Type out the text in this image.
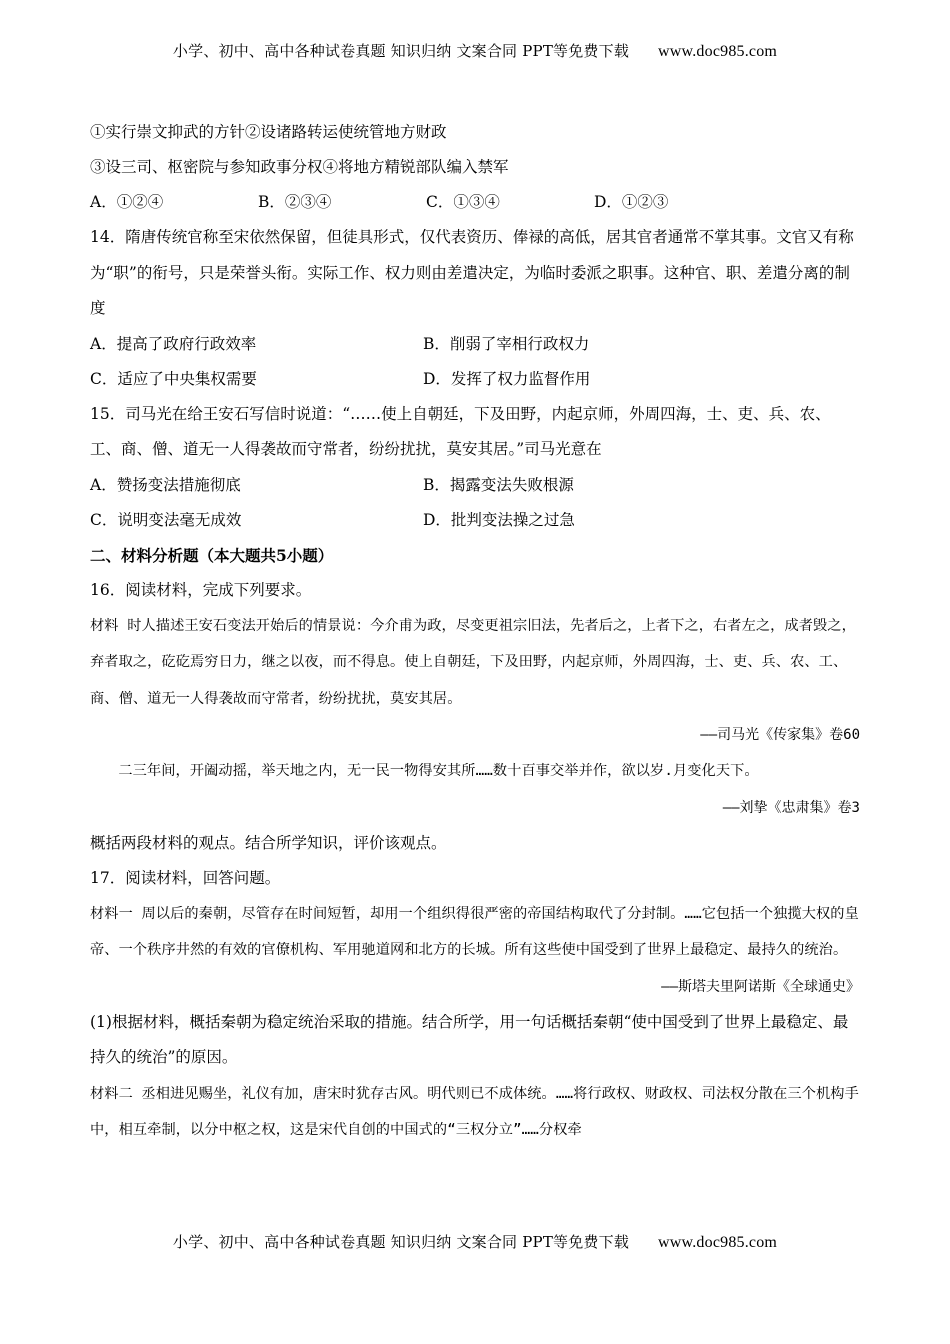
小学、初中、高中各种试卷真题 知识归纳 文案合同 PPT等免费下载 www.doc985.com
①实行崇文抑武的方针②设诸路转运使统管地方财政
③设三司、枢密院与参知政事分权④将地方精锐部队编入禁军
A．①②④	B．②③④	C．①③④	D．①②③
14．隋唐传统官称至宋依然保留，但徒具形式，仅代表资历、俸禄的高低，居其官者通常不掌其事。文官又有称为“职”的衔号，只是荣誉头衔。实际工作、权力则由差遣决定，为临时委派之职事。这种官、职、差遣分离的制度
A．提高了政府行政效率	B．削弱了宰相行政权力
C．适应了中央集权需要	D．发挥了权力监督作用
15．司马光在给王安石写信时说道：“……使上自朝廷，下及田野，内起京师，外周四海，士、吏、兵、农、工、商、僧、道无一人得袭故而守常者，纷纷扰扰，莫安其居。”司马光意在
A．赞扬变法措施彻底	B．揭露变法失败根源
C．说明变法毫无成效	D．批判变法操之过急
二、材料分析题（本大题共5小题）
16．阅读材料，完成下列要求。
材料 时人描述王安石变法开始后的情景说：今介甫为政，尽变更祖宗旧法，先者后之，上者下之，右者左之，成者毁之，弃者取之，矻矻焉穷日力，继之以夜，而不得息。使上自朝廷，下及田野，内起京师，外周四海，士、吏、兵、农、工、商、僧、道无一人得袭故而守常者，纷纷扰扰，莫安其居。
——司马光《传家集》卷60
二三年间，开阖动摇，举天地之内，无一民一物得安其所……数十百事交举并作，欲以岁.月变化天下。
——刘挚《忠肃集》卷3
概括两段材料的观点。结合所学知识，评价该观点。
17．阅读材料，回答问题。
材料一 周以后的秦朝，尽管存在时间短暂，却用一个组织得很严密的帝国结构取代了分封制。……它包括一个独揽大权的皇帝、一个秩序井然的有效的官僚机构、军用驰道网和北方的长城。所有这些使中国受到了世界上最稳定、最持久的统治。
——斯塔夫里阿诺斯《全球通史》
(1)根据材料，概括秦朝为稳定统治采取的措施。结合所学，用一句话概括秦朝“使中国受到了世界上最稳定、最持久的统治”的原因。
材料二 丞相进见赐坐，礼仪有加，唐宋时犹存古风。明代则已不成体统。……将行政权、财政权、司法权分散在三个机构手中，相互牵制，以分中枢之权，这是宋代自创的中国式的“三权分立”……分权牵
小学、初中、高中各种试卷真题 知识归纳 文案合同 PPT等免费下载 www.doc985.com
